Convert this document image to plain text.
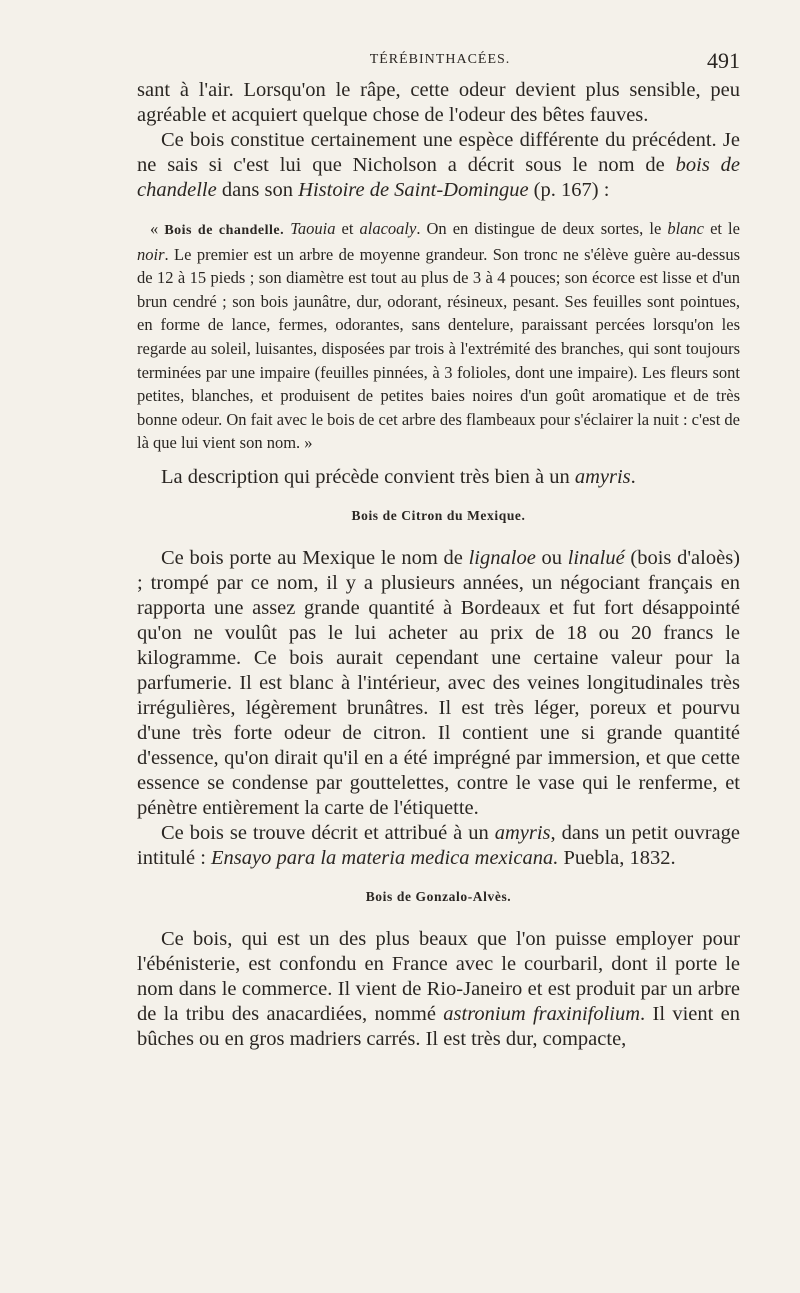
TÉRÉBINTHACÉES.	491

sant à l'air. Lorsqu'on le râpe, cette odeur devient plus sensible, peu agréable et acquiert quelque chose de l'odeur des bêtes fauves.

Ce bois constitue certainement une espèce différente du précédent. Je ne sais si c'est lui que Nicholson a décrit sous le nom de bois de chandelle dans son Histoire de Saint-Domingue (p. 167) :

« Bois de chandelle. Taouia et alacoaly. On en distingue de deux sortes, le blanc et le noir. Le premier est un arbre de moyenne grandeur. Son tronc ne s'élève guère au-dessus de 12 à 15 pieds ; son diamètre est tout au plus de 3 à 4 pouces; son écorce est lisse et d'un brun cendré ; son bois jaunâtre, dur, odorant, résineux, pesant. Ses feuilles sont pointues, en forme de lance, fermes, odorantes, sans dentelure, paraissant percées lorsqu'on les regarde au soleil, luisantes, disposées par trois à l'extrémité des branches, qui sont toujours terminées par une impaire (feuilles pinnées, à 3 folioles, dont une impaire). Les fleurs sont petites, blanches, et produisent de petites baies noires d'un goût aromatique et de très bonne odeur. On fait avec le bois de cet arbre des flambeaux pour s'éclairer la nuit : c'est de là que lui vient son nom. »

La description qui précède convient très bien à un amyris.

Bois de Citron du Mexique.

Ce bois porte au Mexique le nom de lignaloe ou linalué (bois d'aloès) ; trompé par ce nom, il y a plusieurs années, un négociant français en rapporta une assez grande quantité à Bordeaux et fut fort désappointé qu'on ne voulût pas le lui acheter au prix de 18 ou 20 francs le kilogramme. Ce bois aurait cependant une certaine valeur pour la parfumerie. Il est blanc à l'intérieur, avec des veines longitudinales très irrégulières, légèrement brunâtres. Il est très léger, poreux et pourvu d'une très forte odeur de citron. Il contient une si grande quantité d'essence, qu'on dirait qu'il en a été imprégné par immersion, et que cette essence se condense par gouttelettes, contre le vase qui le renferme, et pénètre entièrement la carte de l'étiquette.

Ce bois se trouve décrit et attribué à un amyris, dans un petit ouvrage intitulé : Ensayo para la materia medica mexicana. Puebla, 1832.

Bois de Gonzalo-Alvès.

Ce bois, qui est un des plus beaux que l'on puisse employer pour l'ébénisterie, est confondu en France avec le courbaril, dont il porte le nom dans le commerce. Il vient de Rio-Janeiro et est produit par un arbre de la tribu des anacardiées, nommé astronium fraxinifolium. Il vient en bûches ou en gros madriers carrés. Il est très dur, compacte,
